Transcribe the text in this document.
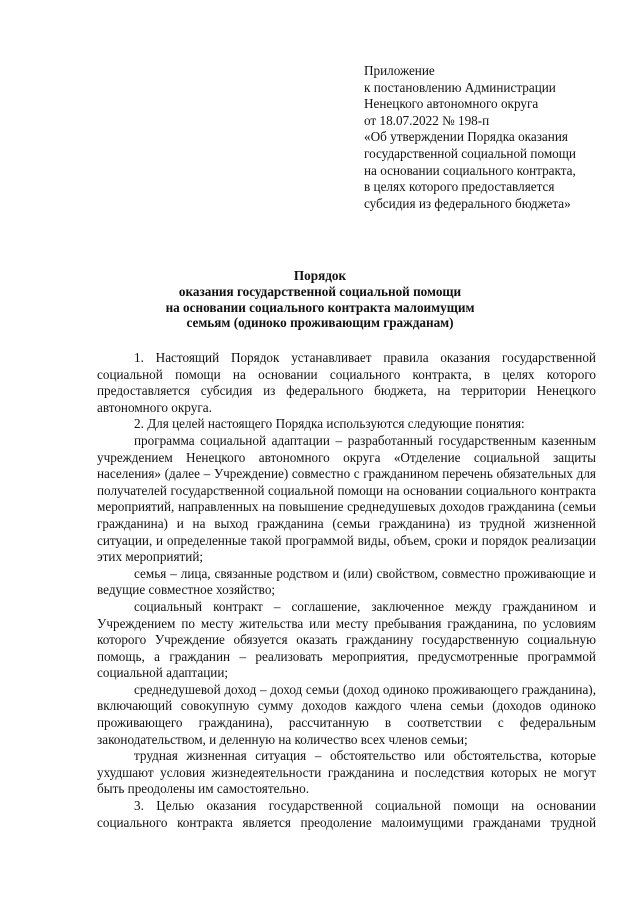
Приложение
к постановлению Администрации
Ненецкого автономного округа
от 18.07.2022 № 198-п
«Об утверждении Порядка оказания
государственной социальной помощи
на основании социального контракта,
в целях которого предоставляется
субсидия из федерального бюджета»
Порядок
оказания государственной социальной помощи
на основании социального контракта малоимущим
семьям (одиноко проживающим гражданам)

1. Настоящий Порядок устанавливает правила оказания государственной социальной помощи на основании социального контракта, в целях которого предоставляется субсидия из федерального бюджета, на территории Ненецкого автономного округа.

2. Для целей настоящего Порядка используются следующие понятия:

программа социальной адаптации – разработанный государственным казенным учреждением Ненецкого автономного округа «Отделение социальной защиты населения» (далее – Учреждение) совместно с гражданином перечень обязательных для получателей государственной социальной помощи на основании социального контракта мероприятий, направленных на повышение среднедушевых доходов гражданина (семьи гражданина) и на выход гражданина (семьи гражданина) из трудной жизненной ситуации, и определенные такой программой виды, объем, сроки и порядок реализации этих мероприятий;

семья – лица, связанные родством и (или) свойством, совместно проживающие и ведущие совместное хозяйство;

социальный контракт – соглашение, заключенное между гражданином и Учреждением по месту жительства или месту пребывания гражданина, по условиям которого Учреждение обязуется оказать гражданину государственную социальную помощь, а гражданин – реализовать мероприятия, предусмотренные программой социальной адаптации;

среднедушевой доход – доход семьи (доход одиноко проживающего гражданина), включающий совокупную сумму доходов каждого члена семьи (доходов одиноко проживающего гражданина), рассчитанную в соответствии с федеральным законодательством, и деленную на количество всех членов семьи;

трудная жизненная ситуация – обстоятельство или обстоятельства, которые ухудшают условия жизнедеятельности гражданина и последствия которых не могут быть преодолены им самостоятельно.

3. Целью оказания государственной социальной помощи на основании социального контракта является преодоление малоимущими гражданами трудной
